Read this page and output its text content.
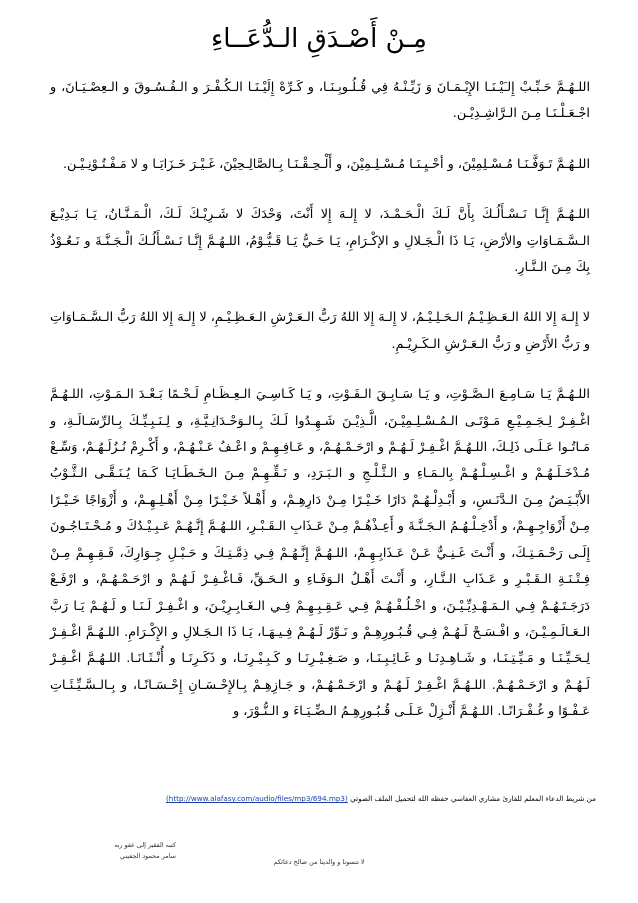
مِـنْ أَصْـدَقِ الـدُّعَــاءِ

اللـهُـمَّ حَـبِّـبْ إِلـَيْـنَـا الإِيْـمَـانَ وَ زَيِّـنْـهُ فِي قُـلُـوبِـنَـا، و كَـرِّهْ إِلَيْـنَـا الـكُـفْـرَ و الـفُـسُـوقَ و الـعِصْـيَـانَ، و اجْـعَـلْـنَـا مِـنَ الـرَّاشِـدِيْـن.

اللـهُـمَّ تَـوَفَّـنَـا مُـسْـلِمِيْنَ، و أحْـيِـنَـا مُـسْـلِـمِيْنَ، و أَلْـحِـقْـنَـا بِـالصَّالِـحِيْنَ، غَـيْـرَ خَـزَايَـا و لا مَـفْـتُـوْنِـيْـن.

اللـهُـمَّ إِنَّـا نَـسْـأَلُـكَ بِأَنَّ لَـكَ الْـحَـمْـدَ، لا إِلـهَ إِلا أَنْتَ، وَحْدَكَ لا شَـرِيْـكَ لَـكَ، الْـمَـنَّـانُ، يَـا بَـدِيْـعَ الـسَّـمَـاوَاتِ والأرْضِ، يَـا ذَا الْـجَـلالِ و الإكْـرَامِ، يَـا حَـيُّ يَـا قَـيُّـوْمُ، اللـهُـمَّ إِنَّـا نَـسْـأَلُـكَ الْـجَـنَّـةَ و نَـعُـوْذُ بِكَ مِـنَ الـنَّـارِ.

لا إِلـهَ إِلا اللهُ الـعَـظِـيْـمُ الـحَـلِـيْـمُ، لا إِلـهَ إِلا اللهُ رَبُّ الـعَـرْشِ الـعَـظِـيْـمِ، لا إِلـهَ إِلا اللهُ رَبُّ الـسَّـمَـاوَاتِ و رَبُّ الأَرْضِ و رَبُّ الـعَـرْشِ الـكَـرِيْـمِ.

اللـهُـمَّ يَـا سَـامِـعَ الـصَّـوْتِ، و يَـا سَـابِـقَ الـفَـوْتِ، و يَـا كَـاسِـيَ الـعِـظَـامِ لَـحْـمًا بَـعْـدَ الـمَـوْتِ، اللـهُـمَّ اغْـفِـرْ لِـجَـمِـيْـعِ مَـوْتَـى الـمُـسْـلِـمِيْـنَ، الَّـذِيْـنَ شَـهِـدُوا لَـكَ بِـالـوَحْـدَانِـيَّـةِ، و لِـنَـبِـيِّـكَ بِـالرِّسَـالَـةِ، و مَـاتُـوا عَـلَـى ذَلِـكَ، اللـهُـمَّ اغْـفِـرْ لَـهُـمْ و ارْحَـمْـهُـمْ، و عَـافِـهِـمْ و اعْـفُ عَـنْـهُـمْ، و أَكْـرِمْ نُـزُلَـهُـمْ، وَسِّـعْ مُـدْخَـلَـهُـمْ و اغْـسِـلْـهُـمْ بِالـمَـاءِ و الـثَّـلْـجِ و الـبَـرَدِ، و نَـقِّـهِـمْ مِـنَ الـخَـطَـايَـا كَـمَا يُـنَـقَّـى الـثَّـوْبُ الأَبْـيَـضُ مِـنَ الـدَّنَـسِ، و أَبْـدِلْـهُـمْ دَارًا خَـيْـرًا مِـنْ دَارِهِـمْ، و أَهْـلاً خَـيْـرًا مِـنْ أَهْـلِـهِـمْ، و أَزْوَاجًا خَـيْـرًا مِـنْ أَزْوَاجِـهِـمْ، و أَدْخِـلْـهُـمُ الـجَـنَّـةَ و أَعِـذْهُـمْ مِـنْ عَـذَابِ الـقَـبْـرِ، اللـهُـمَّ إِنَّـهُـمْ عَـبِـيْـدُكَ و مُـحْـتَـاجُـونَ إِلَـى رَحْـمَـتِـكَ، و أَنْـتَ غَـنِـيٌّ عَـنْ عَـذَابِـهِـمْ، اللـهُـمَّ إِنَّـهُـمْ فِـي ذِمَّـتِـكَ و حَـبْـلِ جِـوَارِكَ، فَـقِـهِـمْ مِـنْ فِـتْـنَـةِ الـقَـبْـرِ و عَـذَابِ الـنَّـارِ، و أَنْـتَ أَهْـلُ الـوَفَـاءِ و الـحَـقِّ، فَـاغْـفِـرْ لَـهُـمْ و ارْحَـمْـهُـمْ، و ارْفَـعْ دَرَجَـتَـهُـمْ فِـي الـمَـهْـدِيِّـيْـنَ، و اخْـلُـفْـهُـمْ فِـي عَـقِـبِـهِـمْ فِـي الـغَـابِـرِيْـنَ، و اغْـفِـرْ لَـنَـا و لَـهُـمْ يَـا رَبَّ الـعَـالَـمِـيْـنَ، و افْـسَـحْ لَـهُـمْ فِـي قُـبُـورِهِـمْ و نَـوِّرْ لَـهُـمْ فِـيـهَـا، يَـا ذَا الـجَـلالِ و الإِكْـرَامِ. اللـهُـمَّ اغْـفِـرْ لِـحَـيِّـنَـا و مَـيِّـتِـنَـا، و شَـاهِـدِنَـا و غَـائِـبِـنَـا، و صَـغِـيْـرِنَـا و كَـبِـيْـرِنَـا، و ذَكَـرِنَـا و أُنْـثَـانَـا. اللـهُـمَّ اغْـفِـرْ لَـهُـمْ و ارْحَـمْـهُـمْ. اللـهُـمَّ اغْـفِـرْ لَـهُـمْ و ارْحَـمْـهُـمْ، و جَـازِهِـمْ بِـالإِحْـسَـانِ إِحْـسَـانًـا، و بِـالـسَّـيِّـئَـاتِ عَـفْـوًا و غُـفْـرَانًـا. اللـهُـمَّ أَنْـزِلْ عَـلَـى قُـبُـورِهِـمُ الـضِّـيَـاءَ و الـنُّـوْرَ، و

من شريط الدعاء المعلم للقارئ مشاري العفاسي حفظه الله لتحميل الملف الصوتي (http://www.alafasy.com/audio/files/mp3/694.mp3)
كتبه الفقير إلى عفو ربه
سامر محمود الجفيني
لا تنسونا و والدينا من صالح دعائكم
